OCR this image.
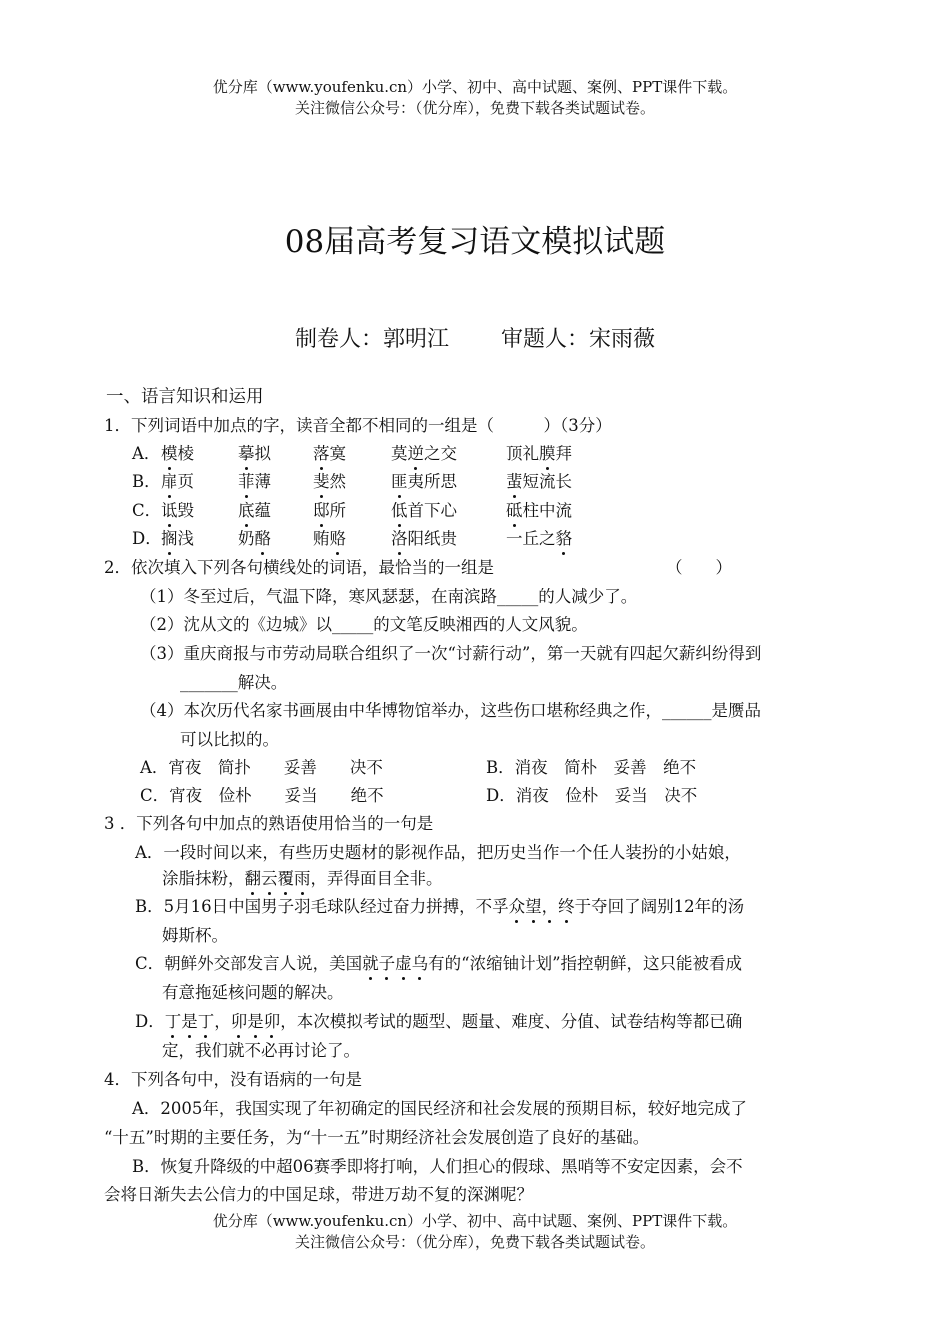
优分库（www.youfenku.cn）小学、初中、高中试题、案例、PPT课件下载。
关注微信公众号：（优分库），免费下载各类试题试卷。
08届高考复习语文模拟试题
制卷人：郭明江 审题人：宋雨薇
一、语言知识和运用
1．下列词语中加点的字，读音全都不相同的一组是（　　　）（3分）
A． 模棱	摹拟	落寞	莫逆之交	顶礼膜拜
B． 扉页	菲薄	斐然	匪夷所思	蜚短流长
C． 诋毁	底蕴	邸所	低首下心	砥柱中流
D． 搁浅	奶酪	贿赂	洛阳纸贵	一丘之貉
2．依次填入下列各句横线处的词语，最恰当的一组是	（　　）
（1）冬至过后，气温下降，寒风瑟瑟，在南滨路_____的人减少了。
（2）沈从文的《边城》以_____的文笔反映湘西的人文风貌。
（3）重庆商报与市劳动局联合组织了一次“讨薪行动”，第一天就有四起欠薪纠纷得到
_______解决。
（4）本次历代名家书画展由中华博物馆举办，这些伤口堪称经典之作，______是赝品
可以比拟的。
A．宵夜　简扑　　妥善　　决不	B．消夜　简朴　妥善　绝不
C．宵夜　俭朴　　妥当　　绝不	D．消夜　俭朴　妥当　决不
3 ．下列各句中加点的熟语使用恰当的一句是
A．一段时间以来，有些历史题材的影视作品，把历史当作一个任人装扮的小姑娘，
涂脂抹粉，翻云覆雨，弄得面目全非。
B．5月16日中国男子羽毛球队经过奋力拼搏，不孚众望，终于夺回了阔别12年的汤
姆斯杯。
C．朝鲜外交部发言人说，美国就子虚乌有的“浓缩铀计划”指控朝鲜，这只能被看成
有意拖延核问题的解决。
D．丁是丁，卯是卯，本次模拟考试的题型、题量、难度、分值、试卷结构等都已确
定，我们就不必再讨论了。
4．下列各句中，没有语病的一句是
A．2005年，我国实现了年初确定的国民经济和社会发展的预期目标，较好地完成了
“十五”时期的主要任务，为“十一五”时期经济社会发展创造了良好的基础。
B．恢复升降级的中超06赛季即将打响，人们担心的假球、黑哨等不安定因素，会不
会将日渐失去公信力的中国足球，带进万劫不复的深渊呢？
优分库（www.youfenku.cn）小学、初中、高中试题、案例、PPT课件下载。
关注微信公众号：（优分库），免费下载各类试题试卷。
